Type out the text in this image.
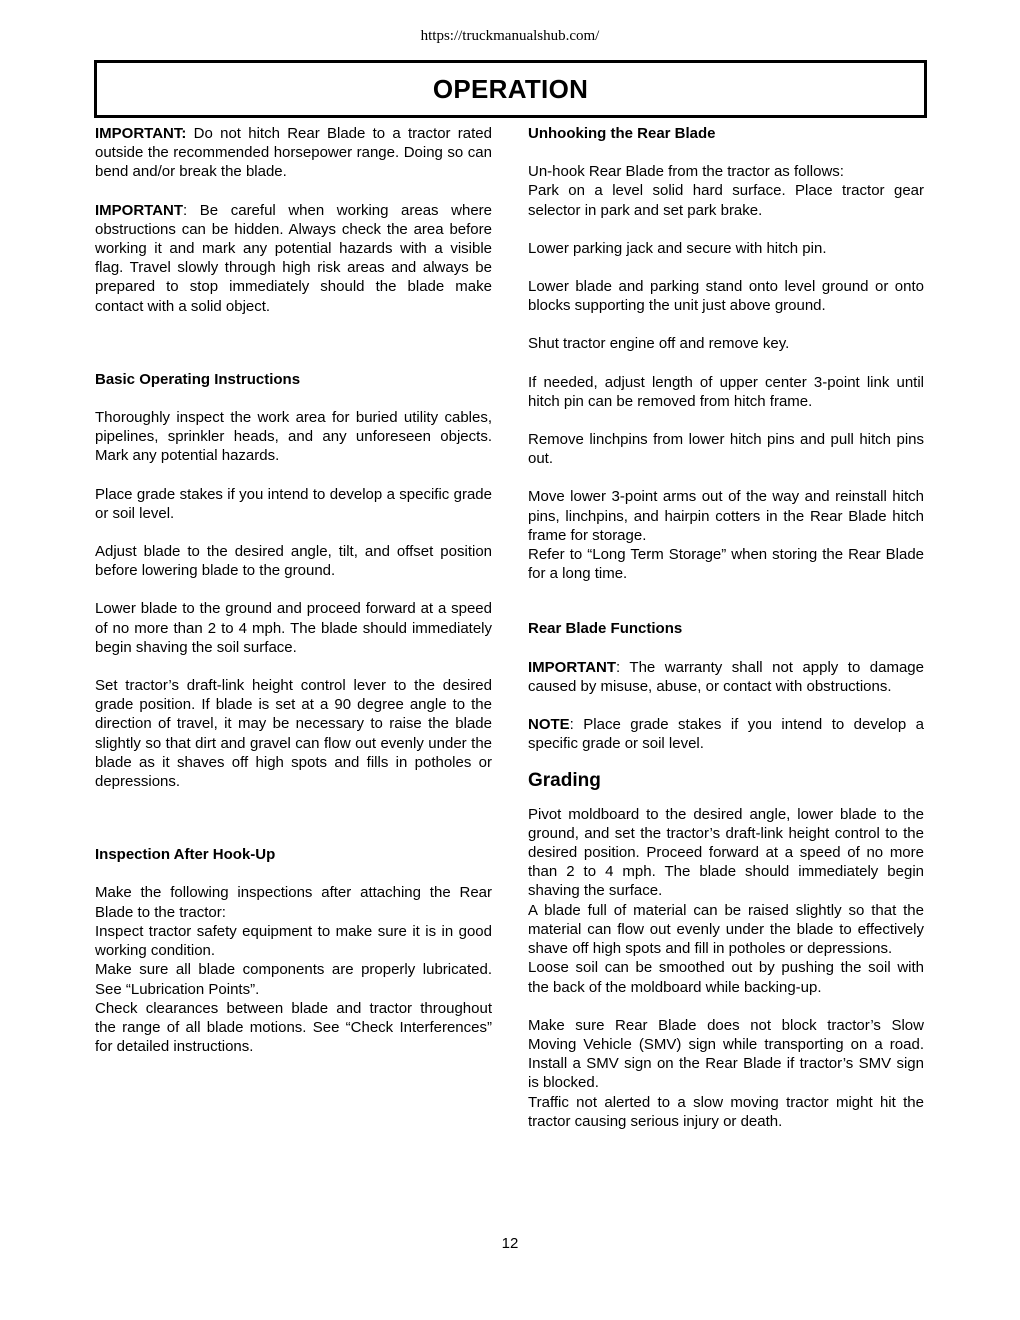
https://truckmanualshub.com/
OPERATION

IMPORTANT: Do not hitch Rear Blade to a tractor rated outside the recommended horsepower range. Doing so can bend and/or break the blade.

IMPORTANT: Be careful when working areas where obstructions can be hidden. Always check the area before working it and mark any potential hazards with a visible flag. Travel slowly through high risk areas and always be prepared to stop immediately should the blade make contact with a solid object.

Basic Operating Instructions

Thoroughly inspect the work area for buried utility cables, pipelines, sprinkler heads, and any unforeseen objects. Mark any potential hazards.

Place grade stakes if you intend to develop a specific grade or soil level.

Adjust blade to the desired angle, tilt, and offset position before lowering blade to the ground.

Lower blade to the ground and proceed forward at a speed of no more than 2 to 4 mph. The blade should immediately begin shaving the soil surface.

Set tractor’s draft-link height control lever to the desired grade position. If blade is set at a 90 degree angle to the direction of travel, it may be necessary to raise the blade slightly so that dirt and gravel can flow out evenly under the blade as it shaves off high spots and fills in potholes or depressions.

Inspection After Hook-Up

Make the following inspections after attaching the Rear Blade to the tractor:

Inspect tractor safety equipment to make sure it is in good working condition.

Make sure all blade components are properly lubricated. See “Lubrication Points”.

Check clearances between blade and tractor throughout the range of all blade motions. See “Check Interferences” for detailed instructions.

Unhooking the Rear Blade

Un-hook Rear Blade from the tractor as follows:

Park on a level solid hard surface. Place tractor gear selector in park and set park brake.

Lower parking jack and secure with hitch pin.

Lower blade and parking stand onto level ground or onto blocks supporting the unit just above ground.

Shut tractor engine off and remove key.

If needed, adjust length of upper center 3-point link until hitch pin can be removed from hitch frame.

Remove linchpins from lower hitch pins and pull hitch pins out.

Move lower 3-point arms out of the way and reinstall hitch pins, linchpins, and hairpin cotters in the Rear Blade hitch frame for storage.

Refer to “Long Term Storage” when storing the Rear Blade for a long time.

Rear Blade Functions

IMPORTANT: The warranty shall not apply to damage caused by misuse, abuse, or contact with obstructions.

NOTE: Place grade stakes if you intend to develop a specific grade or soil level.

Grading

Pivot moldboard to the desired angle, lower blade to the ground, and set the tractor’s draft-link height control to the desired position. Proceed forward at a speed of no more than 2 to 4 mph. The blade should immediately begin shaving the surface.

A blade full of material can be raised slightly so that the material can flow out evenly under the blade to effectively shave off high spots and fill in potholes or depressions.

Loose soil can be smoothed out by pushing the soil with the back of the moldboard while backing-up.

Make sure Rear Blade does not block tractor’s Slow Moving Vehicle (SMV) sign while transporting on a road. Install a SMV sign on the Rear Blade if tractor’s SMV sign is blocked.

Traffic not alerted to a slow moving tractor might hit the tractor causing serious injury or death.

12
